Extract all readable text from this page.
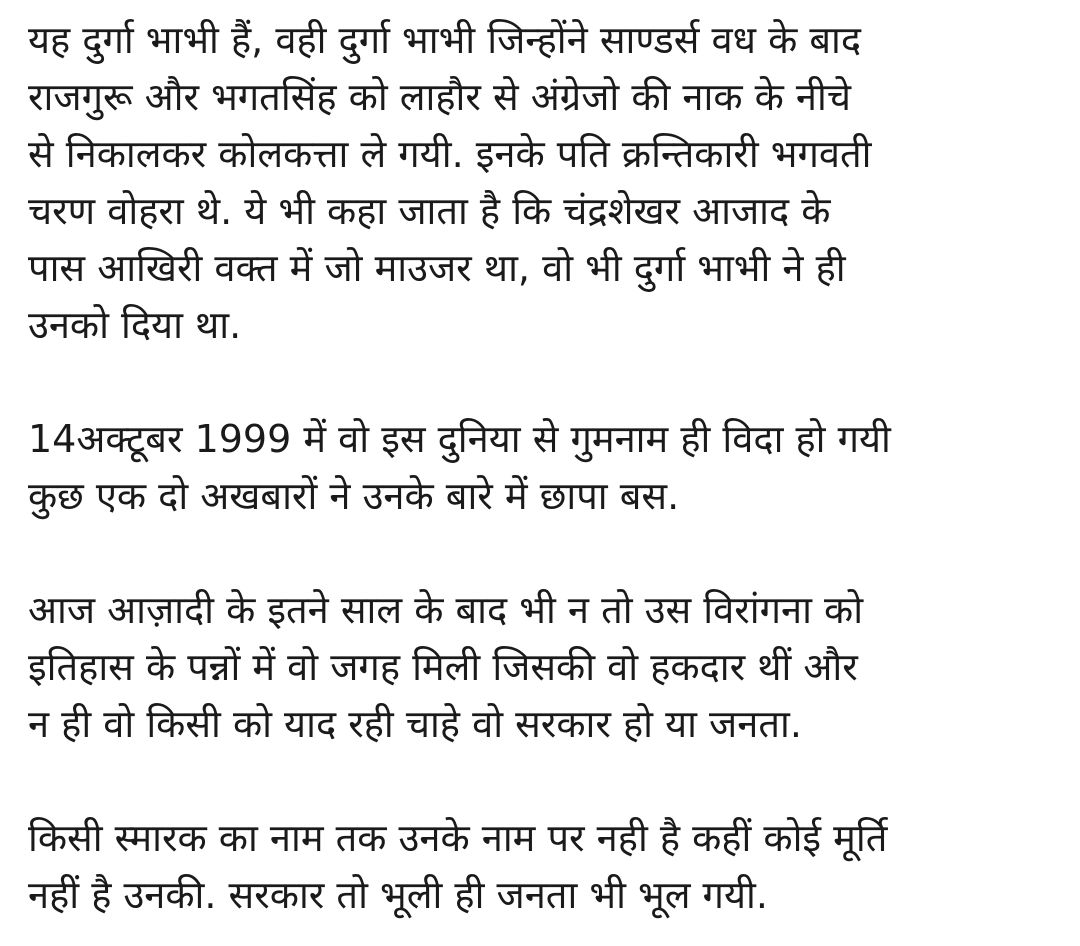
यह दुर्गा भाभी हैं, वही दुर्गा भाभी जिन्होंने साण्डर्स वध के बाद
राजगुरू और भगतसिंह को लाहौर से अंग्रेजो की नाक के नीचे
से निकालकर कोलकत्ता ले गयी. इनके पति क्रन्तिकारी भगवती
चरण वोहरा थे. ये भी कहा जाता है कि चंद्रशेखर आजाद के
पास आखिरी वक्त में जो माउजर था, वो भी दुर्गा भाभी ने ही
उनको दिया था.

14अक्टूबर 1999 में वो इस दुनिया से गुमनाम ही विदा हो गयी
कुछ एक दो अखबारों ने उनके बारे में छापा बस.

आज आज़ादी के इतने साल के बाद भी न तो उस विरांगना को
इतिहास के पन्नों में वो जगह मिली जिसकी वो हकदार थीं और
न ही वो किसी को याद रही चाहे वो सरकार हो या जनता.

किसी स्मारक का नाम तक उनके नाम पर नही है कहीं कोई मूर्ति
नहीं है उनकी. सरकार तो भूली ही जनता भी भूल गयी.
